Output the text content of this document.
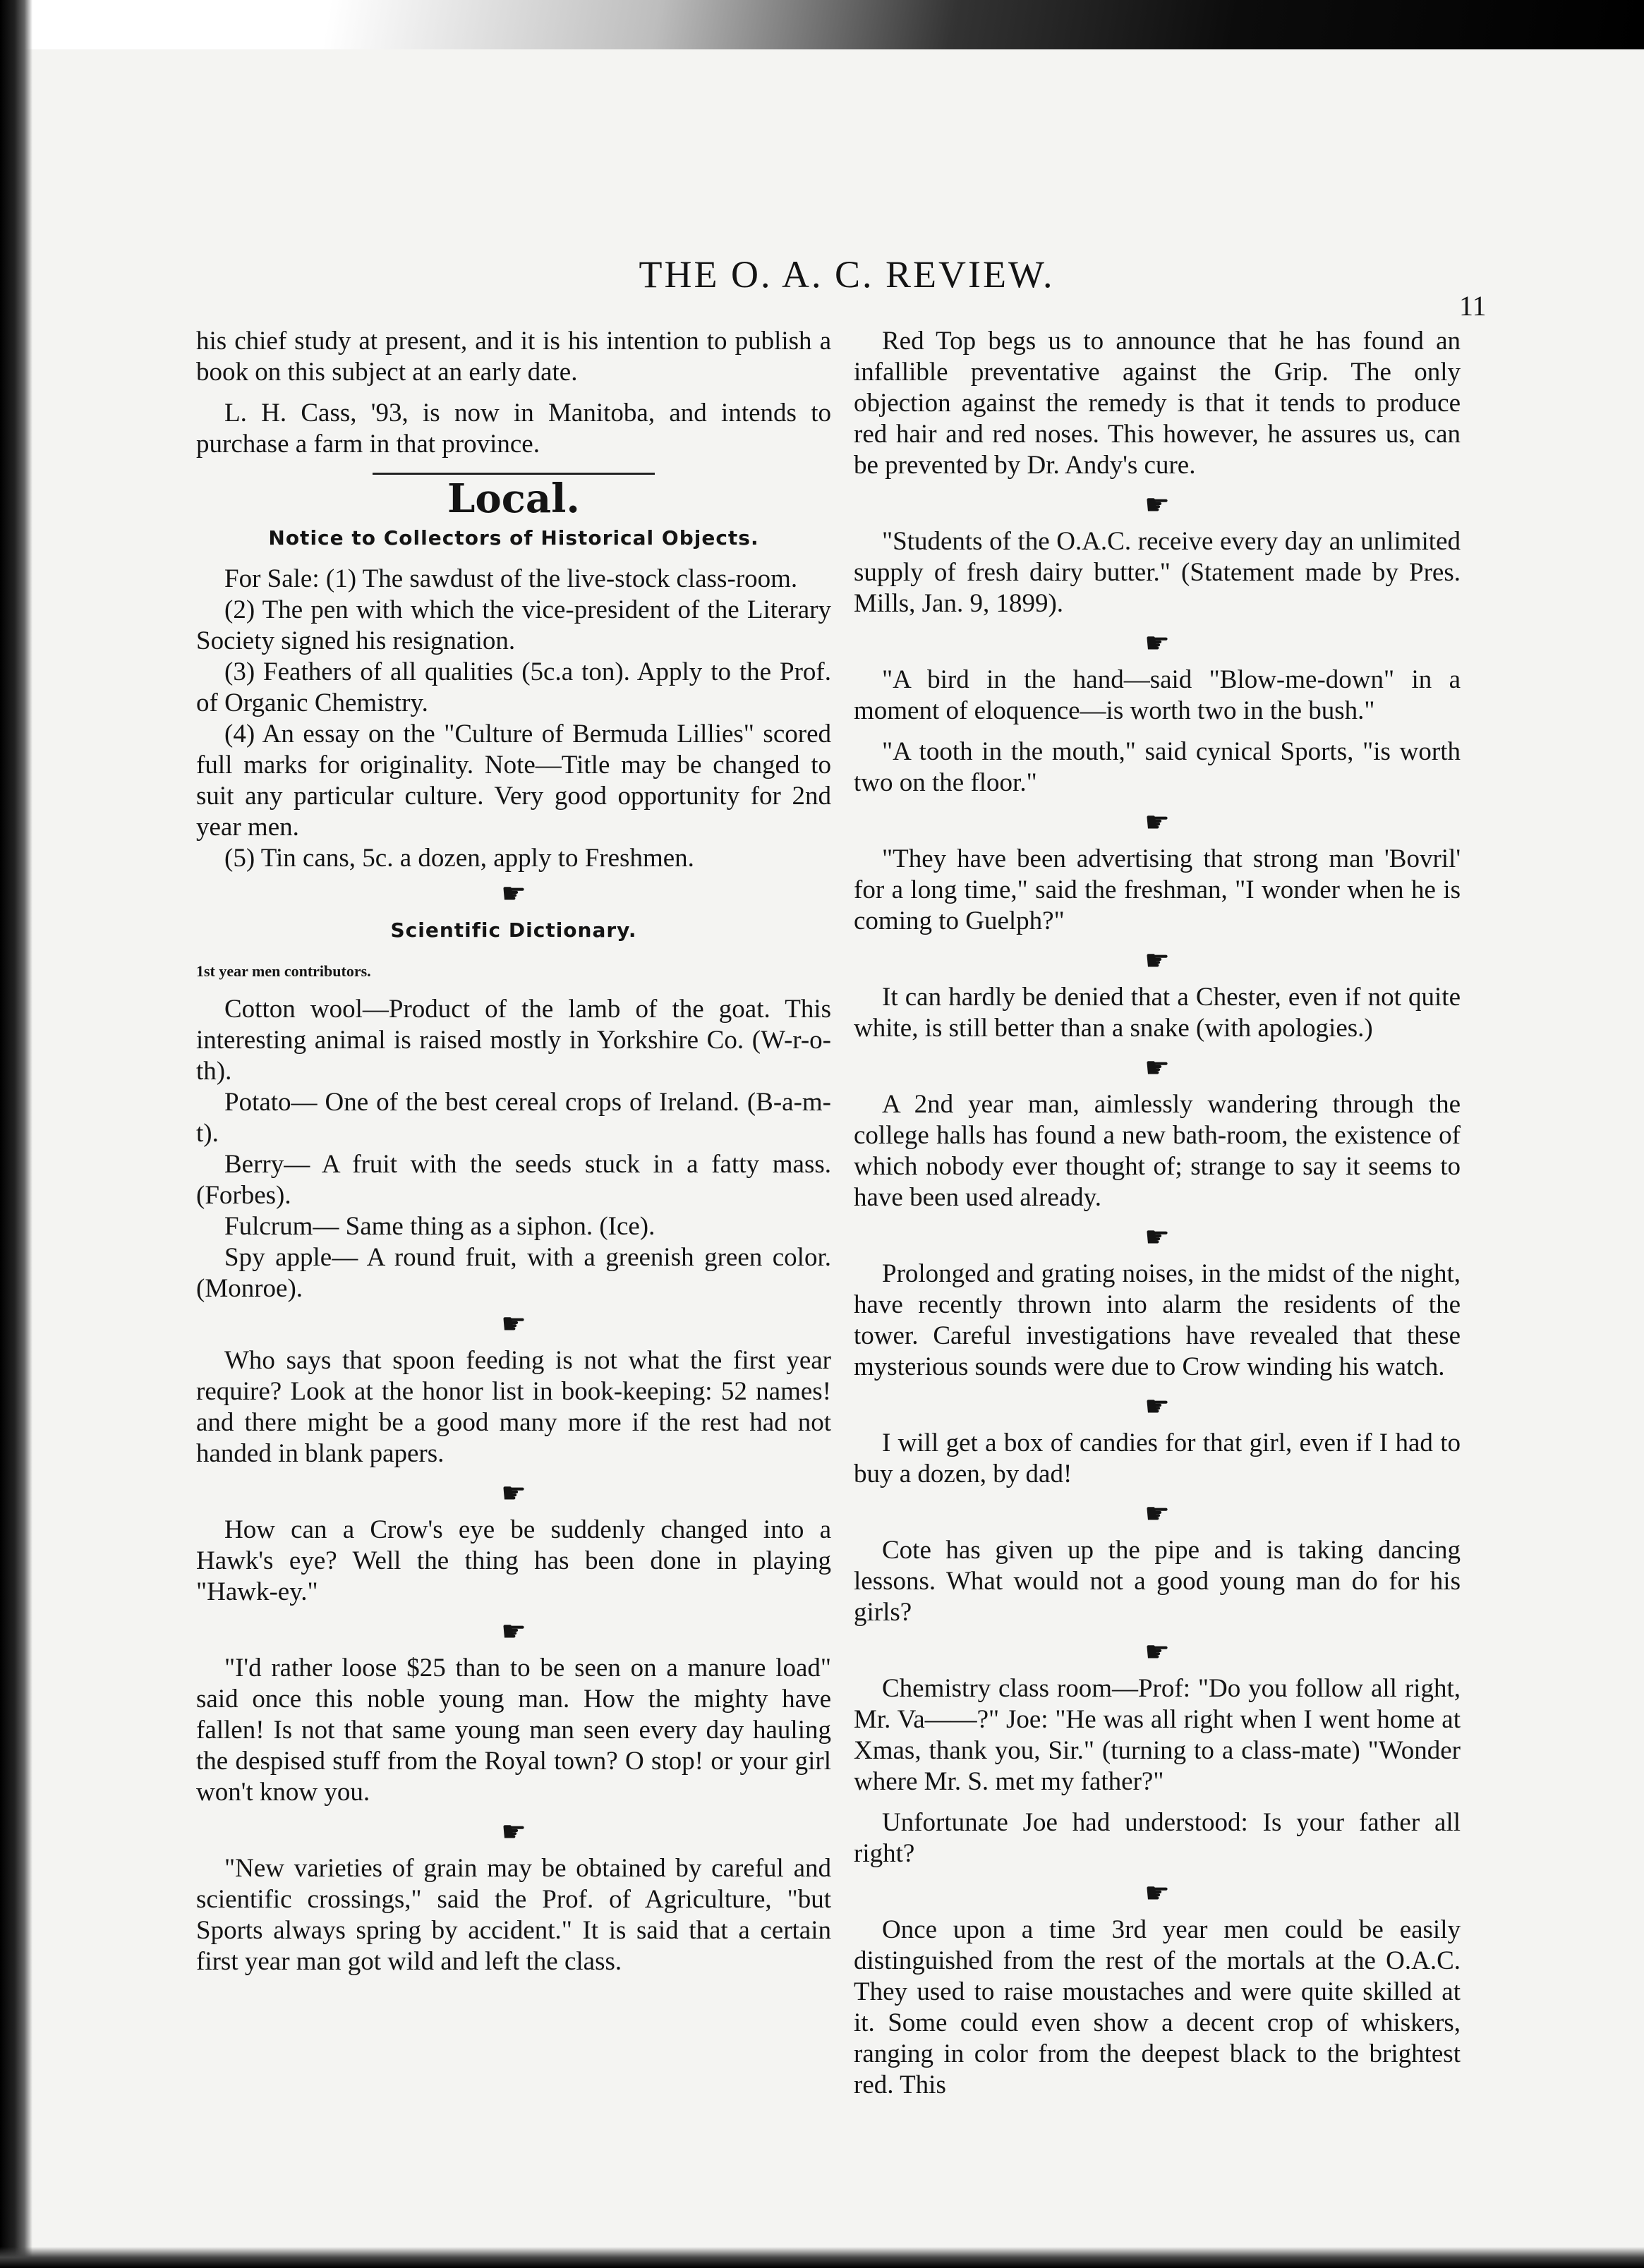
THE O. A. C. REVIEW.
11

his chief study at present, and it is his intention to publish a book on this subject at an early date.

L. H. Cass, '93, is now in Manitoba, and intends to purchase a farm in that province.

Local.
Notice to Collectors of Historical Objects.

For Sale: (1) The sawdust of the live-stock class-room.

(2) The pen with which the vice-president of the Literary Society signed his resignation.

(3) Feathers of all qualities (5c.a ton). Apply to the Prof. of Organic Chemistry.

(4) An essay on the "Culture of Bermuda Lillies" scored full marks for originality. Note—Title may be changed to suit any particular culture. Very good opportunity for 2nd year men.

(5) Tin cans, 5c. a dozen, apply to Freshmen.

☛
Scientific Dictionary.
1st year men contributors.

Cotton wool—Product of the lamb of the goat. This interesting animal is raised mostly in Yorkshire Co. (W-r-o-th).

Potato— One of the best cereal crops of Ireland. (B-a-m-t).

Berry— A fruit with the seeds stuck in a fatty mass. (Forbes).

Fulcrum— Same thing as a siphon. (Ice).

Spy apple— A round fruit, with a greenish green color. (Monroe).

☛

Who says that spoon feeding is not what the first year require? Look at the honor list in book-keeping: 52 names! and there might be a good many more if the rest had not handed in blank papers.

☛

How can a Crow's eye be suddenly changed into a Hawk's eye? Well the thing has been done in playing "Hawk-ey."

☛

"I'd rather loose $25 than to be seen on a manure load" said once this noble young man. How the mighty have fallen! Is not that same young man seen every day hauling the despised stuff from the Royal town? O stop! or your girl won't know you.

☛

"New varieties of grain may be obtained by careful and scientific crossings," said the Prof. of Agriculture, "but Sports always spring by accident." It is said that a certain first year man got wild and left the class.

Red Top begs us to announce that he has found an infallible preventative against the Grip. The only objection against the remedy is that it tends to produce red hair and red noses. This however, he assures us, can be prevented by Dr. Andy's cure.

☛

"Students of the O.A.C. receive every day an unlimited supply of fresh dairy butter." (Statement made by Pres. Mills, Jan. 9, 1899).

☛

"A bird in the hand—said "Blow-me-down" in a moment of eloquence—is worth two in the bush."

"A tooth in the mouth," said cynical Sports, "is worth two on the floor."

☛

"They have been advertising that strong man 'Bovril' for a long time," said the freshman, "I wonder when he is coming to Guelph?"

☛

It can hardly be denied that a Chester, even if not quite white, is still better than a snake (with apologies.)

☛

A 2nd year man, aimlessly wandering through the college halls has found a new bath-room, the existence of which nobody ever thought of; strange to say it seems to have been used already.

☛

Prolonged and grating noises, in the midst of the night, have recently thrown into alarm the residents of the tower. Careful investigations have revealed that these mysterious sounds were due to Crow winding his watch.

☛

I will get a box of candies for that girl, even if I had to buy a dozen, by dad!

☛

Cote has given up the pipe and is taking dancing lessons. What would not a good young man do for his girls?

☛

Chemistry class room—Prof: "Do you follow all right, Mr. Va——?" Joe: "He was all right when I went home at Xmas, thank you, Sir." (turning to a class-mate) "Wonder where Mr. S. met my father?"

Unfortunate Joe had understood: Is your father all right?

☛

Once upon a time 3rd year men could be easily distinguished from the rest of the mortals at the O.A.C. They used to raise moustaches and were quite skilled at it. Some could even show a decent crop of whiskers, ranging in color from the deepest black to the brightest red. This
